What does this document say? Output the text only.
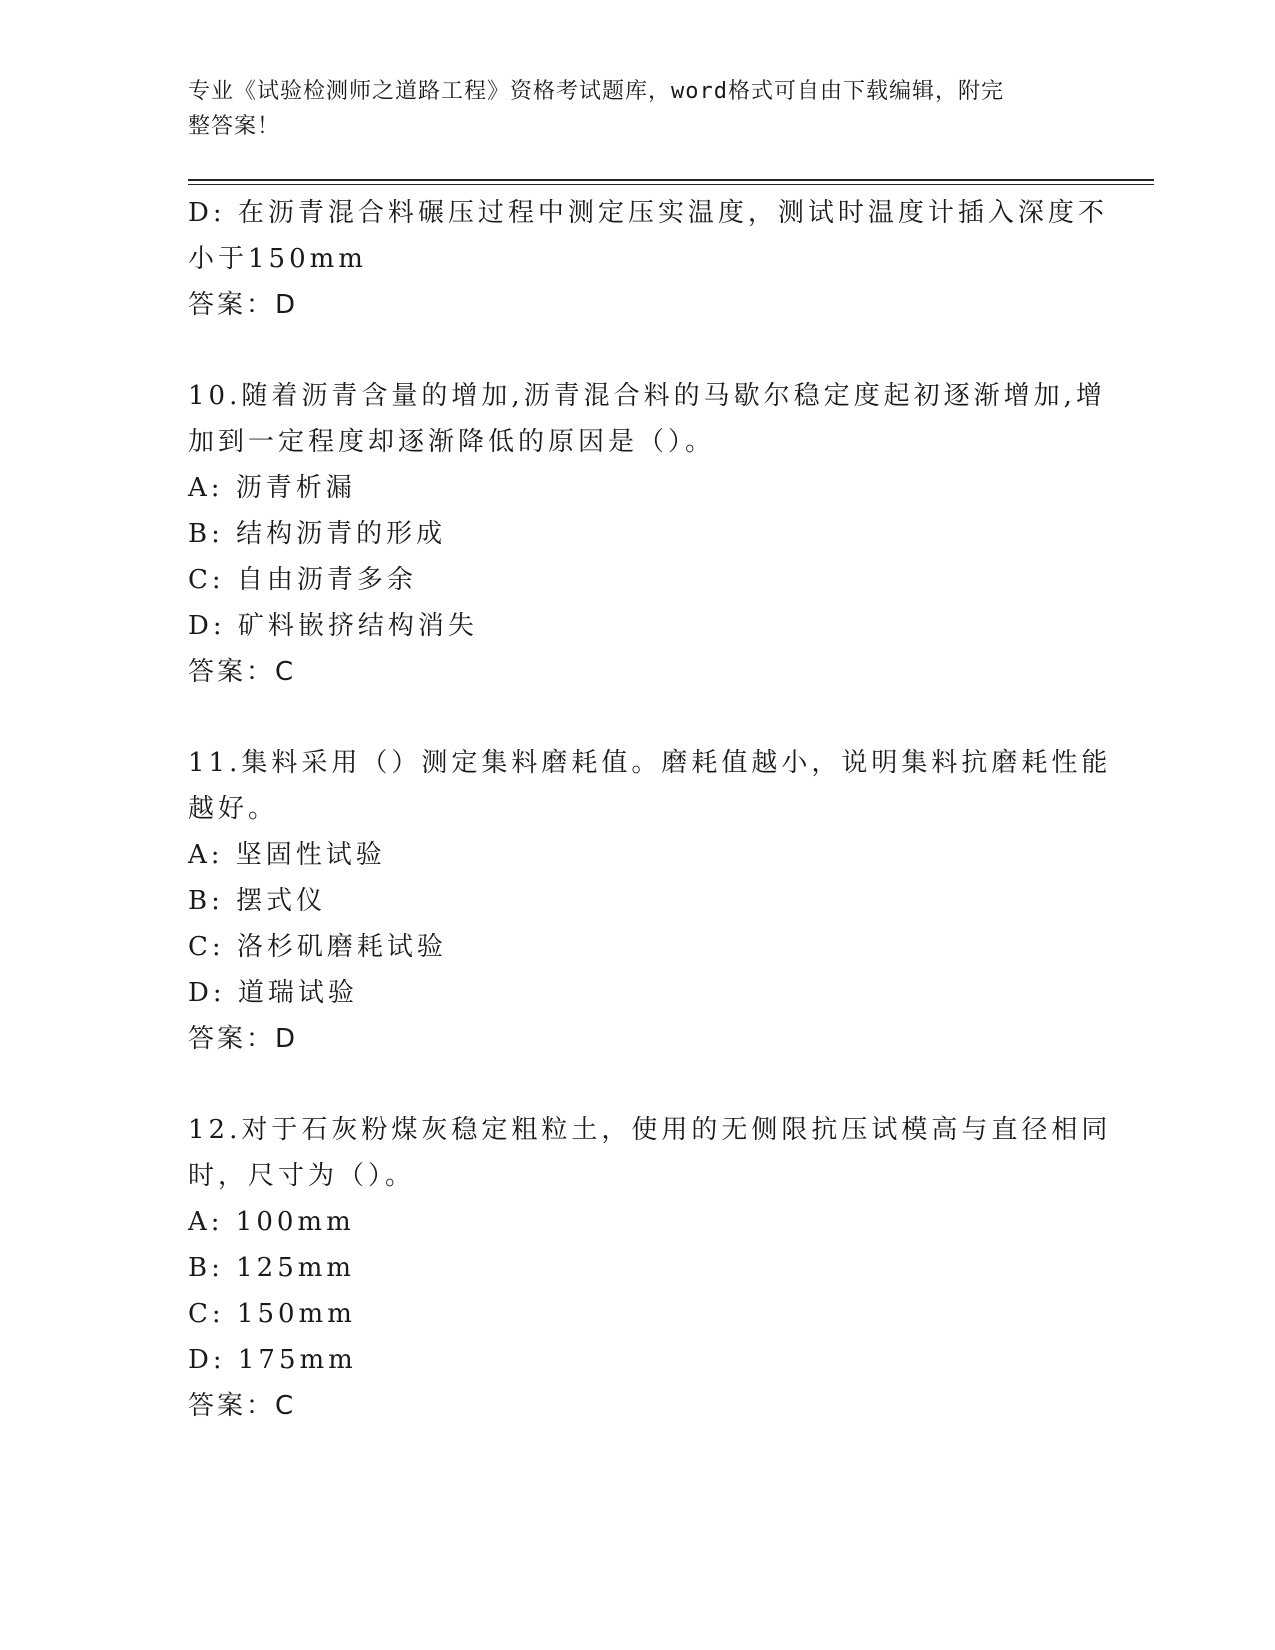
专业《试验检测师之道路工程》资格考试题库，word格式可自由下载编辑，附完
整答案！
D: 在沥青混合料碾压过程中测定压实温度，测试时温度计插入深度不
小于150mm
答案：D
10.随着沥青含量的增加,沥青混合料的马歇尔稳定度起初逐渐增加,增
加到一定程度却逐渐降低的原因是（）。
A: 沥青析漏
B: 结构沥青的形成
C: 自由沥青多余
D: 矿料嵌挤结构消失
答案：C
11.集料采用（）测定集料磨耗值。磨耗值越小，说明集料抗磨耗性能
越好。
A: 坚固性试验
B: 摆式仪
C: 洛杉矶磨耗试验
D: 道瑞试验
答案：D
12.对于石灰粉煤灰稳定粗粒土，使用的无侧限抗压试模高与直径相同
时，尺寸为（）。
A: 100mm
B: 125mm
C: 150mm
D: 175mm
答案：C
